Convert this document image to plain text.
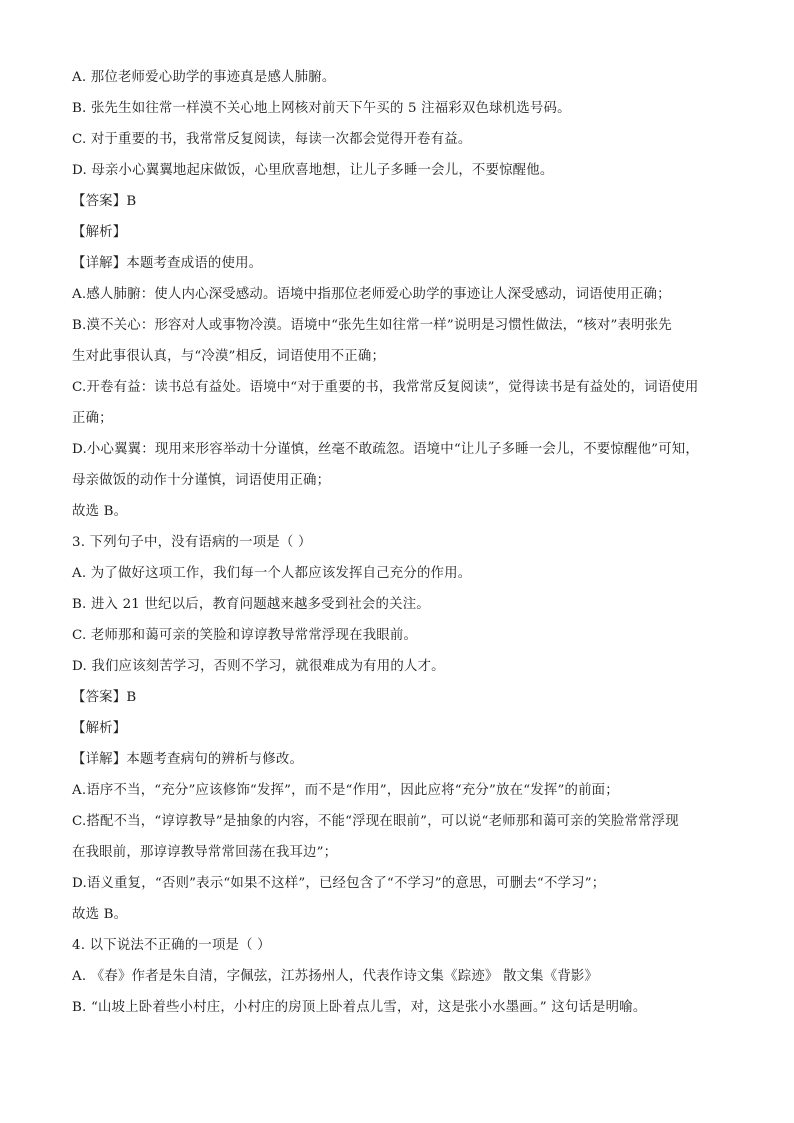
A. 那位老师爱心助学的事迹真是感人肺腑。
B. 张先生如往常一样漠不关心地上网核对前天下午买的 5 注福彩双色球机选号码。
C. 对于重要的书，我常常反复阅读，每读一次都会觉得开卷有益。
D. 母亲小心翼翼地起床做饭，心里欣喜地想，让儿子多睡一会儿，不要惊醒他。
【答案】B
【解析】
【详解】本题考查成语的使用。
A.感人肺腑：使人内心深受感动。语境中指那位老师爱心助学的事迹让人深受感动，词语使用正确；
B.漠不关心：形容对人或事物冷漠。语境中“张先生如往常一样”说明是习惯性做法，“核对”表明张先
生对此事很认真，与“冷漠”相反，词语使用不正确；
C.开卷有益：读书总有益处。语境中“对于重要的书，我常常反复阅读”，觉得读书是有益处的，词语使用
正确；
D.小心翼翼：现用来形容举动十分谨慎，丝毫不敢疏忽。语境中“让儿子多睡一会儿，不要惊醒他”可知，
母亲做饭的动作十分谨慎，词语使用正确；
故选 B。
3. 下列句子中，没有语病的一项是（ ）
A. 为了做好这项工作，我们每一个人都应该发挥自己充分的作用。
B. 进入 21 世纪以后，教育问题越来越多受到社会的关注。
C. 老师那和蔼可亲的笑脸和谆谆教导常常浮现在我眼前。
D. 我们应该刻苦学习，否则不学习，就很难成为有用的人才。
【答案】B
【解析】
【详解】本题考查病句的辨析与修改。
A.语序不当，“充分”应该修饰“发挥”，而不是“作用”，因此应将“充分”放在“发挥”的前面；
C.搭配不当，“谆谆教导”是抽象的内容，不能“浮现在眼前”，可以说“老师那和蔼可亲的笑脸常常浮现
在我眼前，那谆谆教导常常回荡在我耳边”；
D.语义重复，“否则”表示“如果不这样”，已经包含了“不学习”的意思，可删去“不学习”；
故选 B。
4. 以下说法不正确的一项是（ ）
A. 《春》作者是朱自清，字佩弦，江苏扬州人，代表作诗文集《踪迹》 散文集《背影》
B. “山坡上卧着些小村庄，小村庄的房顶上卧着点儿雪，对，这是张小水墨画。” 这句话是明喻。
